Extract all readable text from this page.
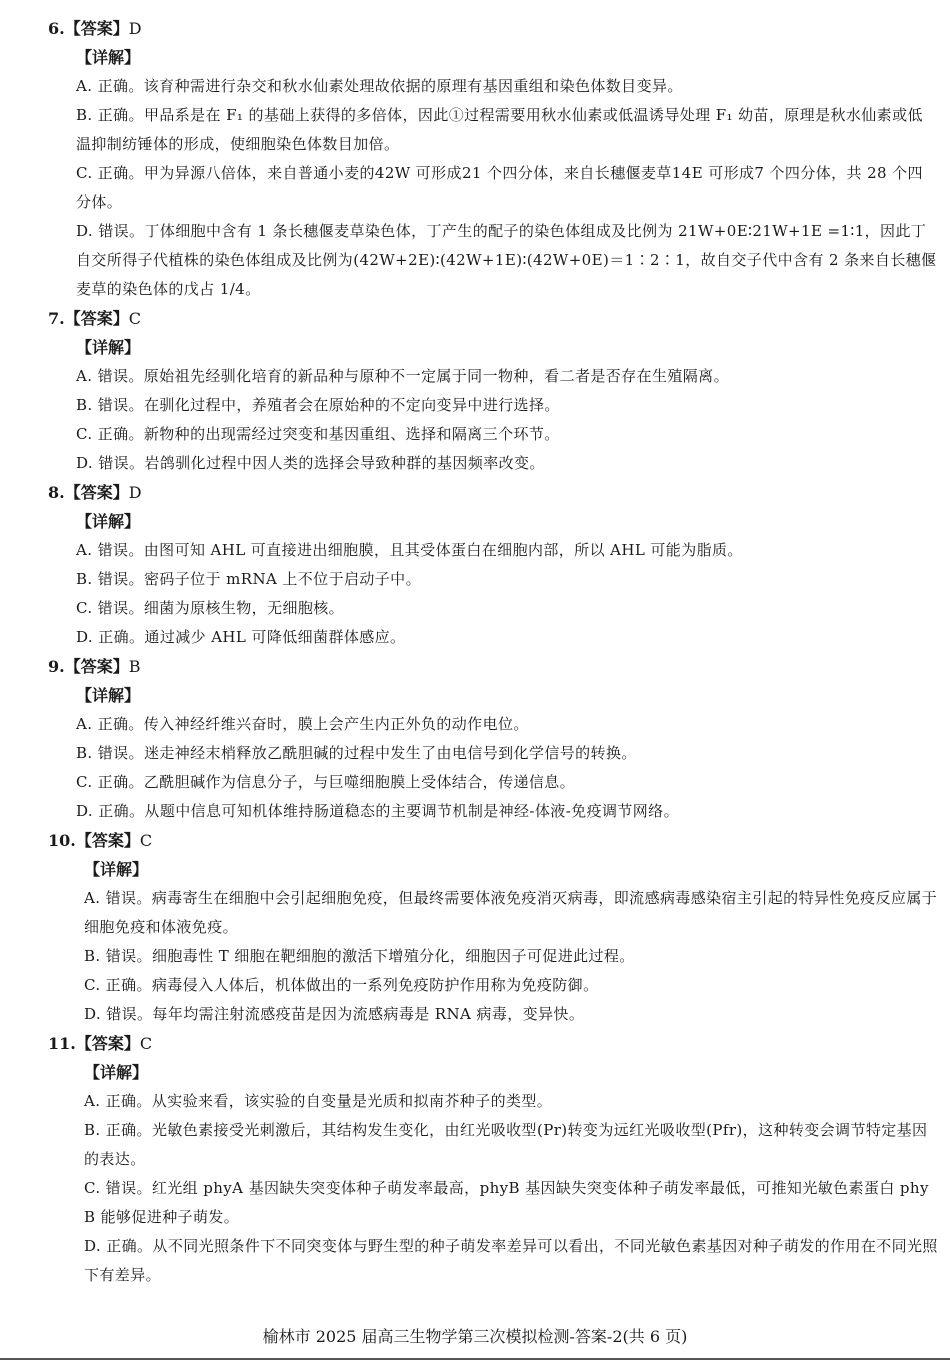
6.【答案】D
【详解】
A. 正确。该育种需进行杂交和秋水仙素处理故依据的原理有基因重组和染色体数目变异。
B. 正确。甲品系是在 F₁ 的基础上获得的多倍体，因此①过程需要用秋水仙素或低温诱导处理 F₁ 幼苗，原理是秋水仙素或低温抑制纺锤体的形成，使细胞染色体数目加倍。
C. 正确。甲为异源八倍体，来自普通小麦的42W 可形成21 个四分体，来自长穗偃麦草14E 可形成7 个四分体，共 28 个四分体。
D. 错误。丁体细胞中含有 1 条长穗偃麦草染色体，丁产生的配子的染色体组成及比例为 21W+0E∶21W+1E =1∶1，因此丁自交所得子代植株的染色体组成及比例为(42W+2E)∶(42W+1E)∶(42W+0E)＝1∶2∶1，故自交子代中含有 2 条来自长穗偃麦草的染色体的戊占 1/4。
7.【答案】C
【详解】
A. 错误。原始祖先经驯化培育的新品种与原种不一定属于同一物种，看二者是否存在生殖隔离。
B. 错误。在驯化过程中，养殖者会在原始种的不定向变异中进行选择。
C. 正确。新物种的出现需经过突变和基因重组、选择和隔离三个环节。
D. 错误。岩鸽驯化过程中因人类的选择会导致种群的基因频率改变。
8.【答案】D
【详解】
A. 错误。由图可知 AHL 可直接进出细胞膜，且其受体蛋白在细胞内部，所以 AHL 可能为脂质。
B. 错误。密码子位于 mRNA 上不位于启动子中。
C. 错误。细菌为原核生物，无细胞核。
D. 正确。通过减少 AHL 可降低细菌群体感应。
9.【答案】B
【详解】
A. 正确。传入神经纤维兴奋时，膜上会产生内正外负的动作电位。
B. 错误。迷走神经末梢释放乙酰胆碱的过程中发生了由电信号到化学信号的转换。
C. 正确。乙酰胆碱作为信息分子，与巨噬细胞膜上受体结合，传递信息。
D. 正确。从题中信息可知机体维持肠道稳态的主要调节机制是神经-体液-免疫调节网络。
10.【答案】C
【详解】
A. 错误。病毒寄生在细胞中会引起细胞免疫，但最终需要体液免疫消灭病毒，即流感病毒感染宿主引起的特异性免疫反应属于细胞免疫和体液免疫。
B. 错误。细胞毒性 T 细胞在靶细胞的激活下增殖分化，细胞因子可促进此过程。
C. 正确。病毒侵入人体后，机体做出的一系列免疫防护作用称为免疫防御。
D. 错误。每年均需注射流感疫苗是因为流感病毒是 RNA 病毒，变异快。
11.【答案】C
【详解】
A. 正确。从实验来看，该实验的自变量是光质和拟南芥种子的类型。
B. 正确。光敏色素接受光刺激后，其结构发生变化，由红光吸收型(Pr)转变为远红光吸收型(Pfr)，这种转变会调节特定基因的表达。
C. 错误。红光组 phyA 基因缺失突变体种子萌发率最高，phyB 基因缺失突变体种子萌发率最低，可推知光敏色素蛋白 phyB 能够促进种子萌发。
D. 正确。从不同光照条件下不同突变体与野生型的种子萌发率差异可以看出，不同光敏色素基因对种子萌发的作用在不同光照下有差异。
榆林市 2025 届高三生物学第三次模拟检测-答案-2(共 6 页)
